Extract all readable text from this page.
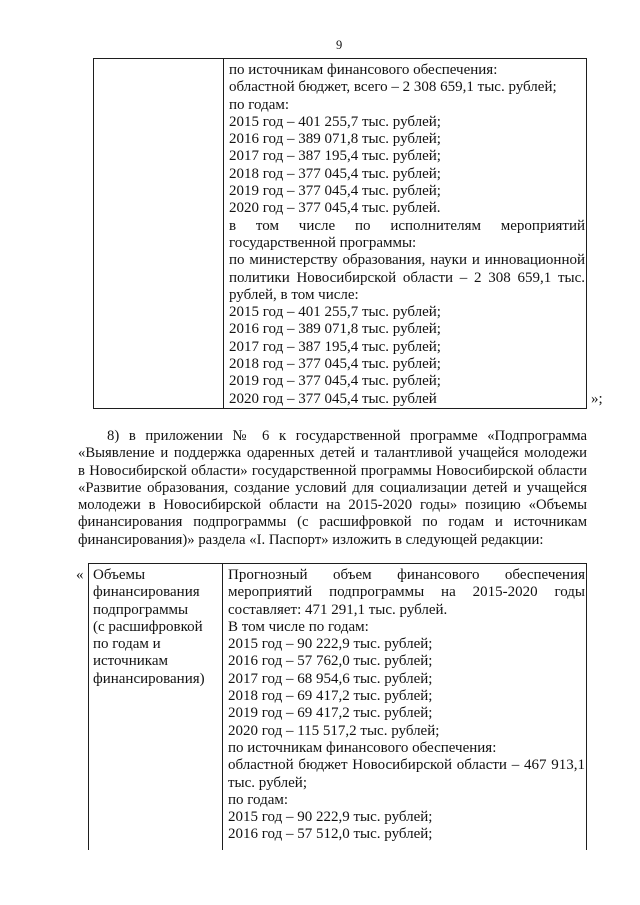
9
по источникам финансового обеспечения:
областной бюджет, всего – 2 308 659,1 тыс. рублей;
по годам:
2015 год – 401 255,7 тыс. рублей;
2016 год – 389 071,8 тыс. рублей;
2017 год – 387 195,4 тыс. рублей;
2018 год – 377 045,4 тыс. рублей;
2019 год – 377 045,4 тыс. рублей;
2020 год – 377 045,4 тыс. рублей.
в том числе по исполнителям мероприятий
государственной программы:
по министерству образования, науки и инновационной
политики Новосибирской области – 2 308 659,1 тыс.
рублей, в том числе:
2015 год – 401 255,7 тыс. рублей;
2016 год – 389 071,8 тыс. рублей;
2017 год – 387 195,4 тыс. рублей;
2018 год – 377 045,4 тыс. рублей;
2019 год – 377 045,4 тыс. рублей;
2020 год – 377 045,4 тыс. рублей	»;
8) в приложении № 6 к государственной программе «Подпрограмма
«Выявление и поддержка одаренных детей и талантливой учащейся молодежи
в Новосибирской области» государственной программы Новосибирской области
«Развитие образования, создание условий для социализации детей и учащейся
молодежи в Новосибирской области на 2015-2020 годы» позицию «Объемы
финансирования подпрограммы (с расшифровкой по годам и источникам
финансирования)» раздела «I. Паспорт» изложить в следующей редакции:
« Объемы
финансирования
подпрограммы
(с расшифровкой
по годам и
источникам
финансирования)
Прогнозный объем финансового обеспечения
мероприятий подпрограммы на 2015-2020 годы
составляет: 471 291,1 тыс. рублей.
В том числе по годам:
2015 год – 90 222,9 тыс. рублей;
2016 год – 57 762,0 тыс. рублей;
2017 год – 68 954,6 тыс. рублей;
2018 год – 69 417,2 тыс. рублей;
2019 год – 69 417,2 тыс. рублей;
2020 год – 115 517,2 тыс. рублей;
по источникам финансового обеспечения:
областной бюджет Новосибирской области – 467 913,1
тыс. рублей;
по годам:
2015 год – 90 222,9 тыс. рублей;
2016 год – 57 512,0 тыс. рублей;
